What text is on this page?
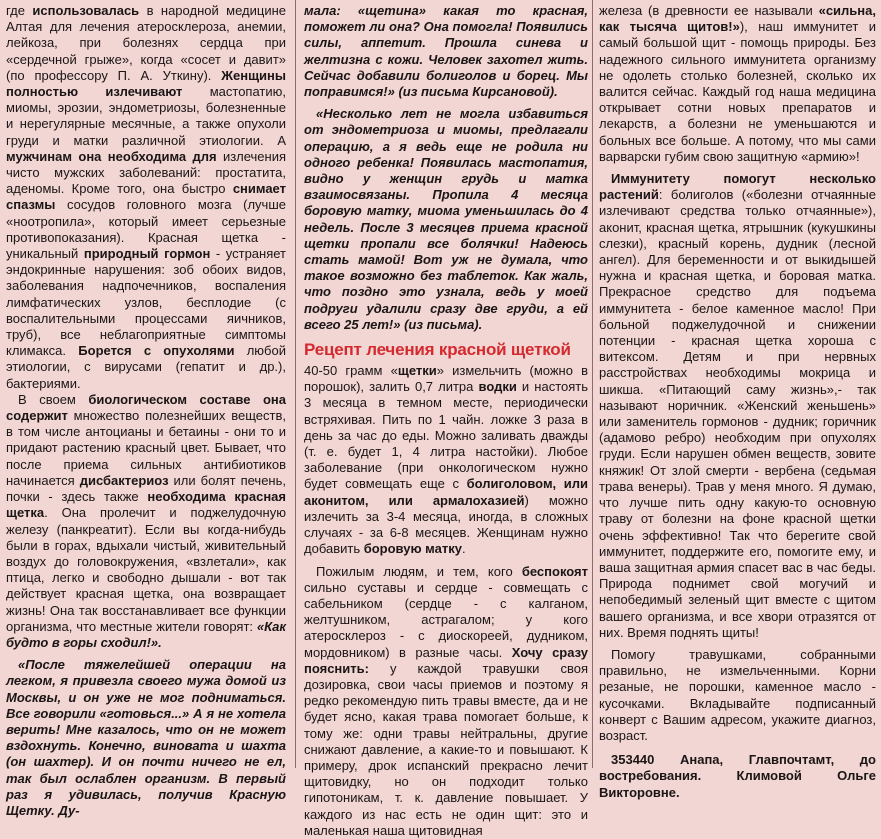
где использовалась в народной медицине Алтая для лечения атеросклероза, анемии, лейкоза, при болезнях сердца при «сердечной грыже», когда «сосет и давит» (по профессору П. А. Уткину). Женщины полностью излечивают мастопатию, миомы, эрозии, эндометриозы, болезненные и нерегулярные месячные, а также опухоли груди и матки различной этиологии. А мужчинам она необходима для излечения чисто мужских заболеваний: простатита, аденомы. Кроме того, она быстро снимает спазмы сосудов головного мозга (лучше «ноотропила», который имеет серьезные противопоказания). Красная щетка - уникальный природный гормон - устраняет эндокринные нарушения: зоб обоих видов, заболевания надпочечников, воспаления лимфатических узлов, бесплодие (с воспалительными процессами яичников, труб), все неблагоприятные симптомы климакса. Борется с опухолями любой этиологии, с вирусами (гепатит и др.), бактериями.

В своем биологическом составе она содержит множество полезнейших веществ, в том числе антоцианы и бетаины - они то и придают растению красный цвет. Бывает, что после приема сильных антибиотиков начинается дисбактериоз или болят печень, почки - здесь также необходима красная щетка. Она пролечит и поджелудочную железу (панкреатит). Если вы когда-нибудь были в горах, вдыхали чистый, живительный воздух до головокружения, «взлетали», как птица, легко и свободно дышали - вот так действует красная щетка, она возвращает жизнь! Она так восстанавливает все функции организма, что местные жители говорят: «Как будто в горы сходил!».

«После тяжелейшей операции на легком, я привезла своего мужа домой из Москвы, и он уже не мог подниматься. Все говорили «готовься...» А я не хотела верить! Мне казалось, что он не может вздохнуть. Конечно, виновата и шахта (он шахтер). И он почти ничего не ел, так был ослаблен организм. В первый раз я удивилась, получив Красную Щетку. Ду-

мала: «щетина» какая то красная, поможет ли она? Она помогла! Появились силы, аппетит. Прошла синева и желтизна с кожи. Человек захотел жить. Сейчас добавили болиголов и борец. Мы поправимся!» (из письма Кирсановой).

«Несколько лет не могла избавиться от эндометриоза и миомы, предлагали операцию, а я ведь еще не родила ни одного ребенка! Появилась мастопатия, видно у женщин грудь и матка взаимосвязаны. Пропила 4 месяца боровую матку, миома уменьшилась до 4 недель. После 3 месяцев приема красной щетки пропали все болячки! Надеюсь стать мамой! Вот уж не думала, что такое возможно без таблеток. Как жаль, что поздно это узнала, ведь у моей подруги удалили сразу две груди, а ей всего 25 лет!» (из письма).

Рецепт лечения красной щеткой

40-50 грамм «щетки» измельчить (можно в порошок), залить 0,7 литра водки и настоять 3 месяца в темном месте, периодически встряхивая. Пить по 1 чайн. ложке 3 раза в день за час до еды. Можно заливать дважды (т. е. будет 1, 4 литра настойки). Любое заболевание (при онкологическом нужно будет совмещать еще с болиголовом, или аконитом, или армалохазией) можно излечить за 3-4 месяца, иногда, в сложных случаях - за 6-8 месяцев. Женщинам нужно добавить боровую матку.

Пожилым людям, и тем, кого беспокоят сильно суставы и сердце - совмещать с сабельником (сердце - с калганом, желтушником, астрагалом; у кого атеросклероз - с диоскореей, дудником, мордовником) в разные часы. Хочу сразу пояснить: у каждой травушки своя дозировка, свои часы приемов и поэтому я редко рекомендую пить травы вместе, да и не будет ясно, какая трава помогает больше, к тому же: одни травы нейтральны, другие снижают давление, а какие-то и повышают. К примеру, дрок испанский прекрасно лечит щитовидку, но он подходит только гипотоникам, т. к. давление повышает. У каждого из нас есть не один щит: это и маленькая наша щитовидная

железа (в древности ее называли «сильна, как тысяча щитов!»), наш иммунитет и самый большой щит - помощь природы. Без надежного сильного иммунитета организму не одолеть столько болезней, сколько их валится сейчас. Каждый год наша медицина открывает сотни новых препаратов и лекарств, а болезни не уменьшаются и больных все больше. А потому, что мы сами варварски губим свою защитную «армию»!

Иммунитету помогут несколько растений: болиголов («болезни отчаянные излечивают средства только отчаянные»), аконит, красная щетка, ятрышник (кукушкины слезки), красный корень, дудник (лесной ангел). Для беременности и от выкидышей нужна и красная щетка, и боровая матка. Прекрасное средство для подъема иммунитета - белое каменное масло! При больной поджелудочной и снижении потенции - красная щетка хороша с витексом. Детям и при нервных расстройствах необходимы мокрица и шикша. «Питающий саму жизнь»,- так называют норичник. «Женский женьшень» или заменитель гормонов - дудник; горичник (адамово ребро) необходим при опухолях груди. Если нарушен обмен веществ, зовите княжик! От злой смерти - вербена (седьмая трава венеры). Трав у меня много. Я думаю, что лучше пить одну какую-то основную траву от болезни на фоне красной щетки очень эффективно! Так что берегите свой иммунитет, поддержите его, помогите ему, и ваша защитная армия спасет вас в час беды. Природа поднимет свой могучий и непобедимый зеленый щит вместе с щитом вашего организма, и все хвори отразятся от них. Время поднять щиты!

Помогу травушками, собранными правильно, не измельченными. Корни резаные, не порошки, каменное масло - кусочками. Вкладывайте подписанный конверт с Вашим адресом, укажите диагноз, возраст.

353440 Анапа, Главпочтамт, до востребования. Климовой Ольге Викторовне.
